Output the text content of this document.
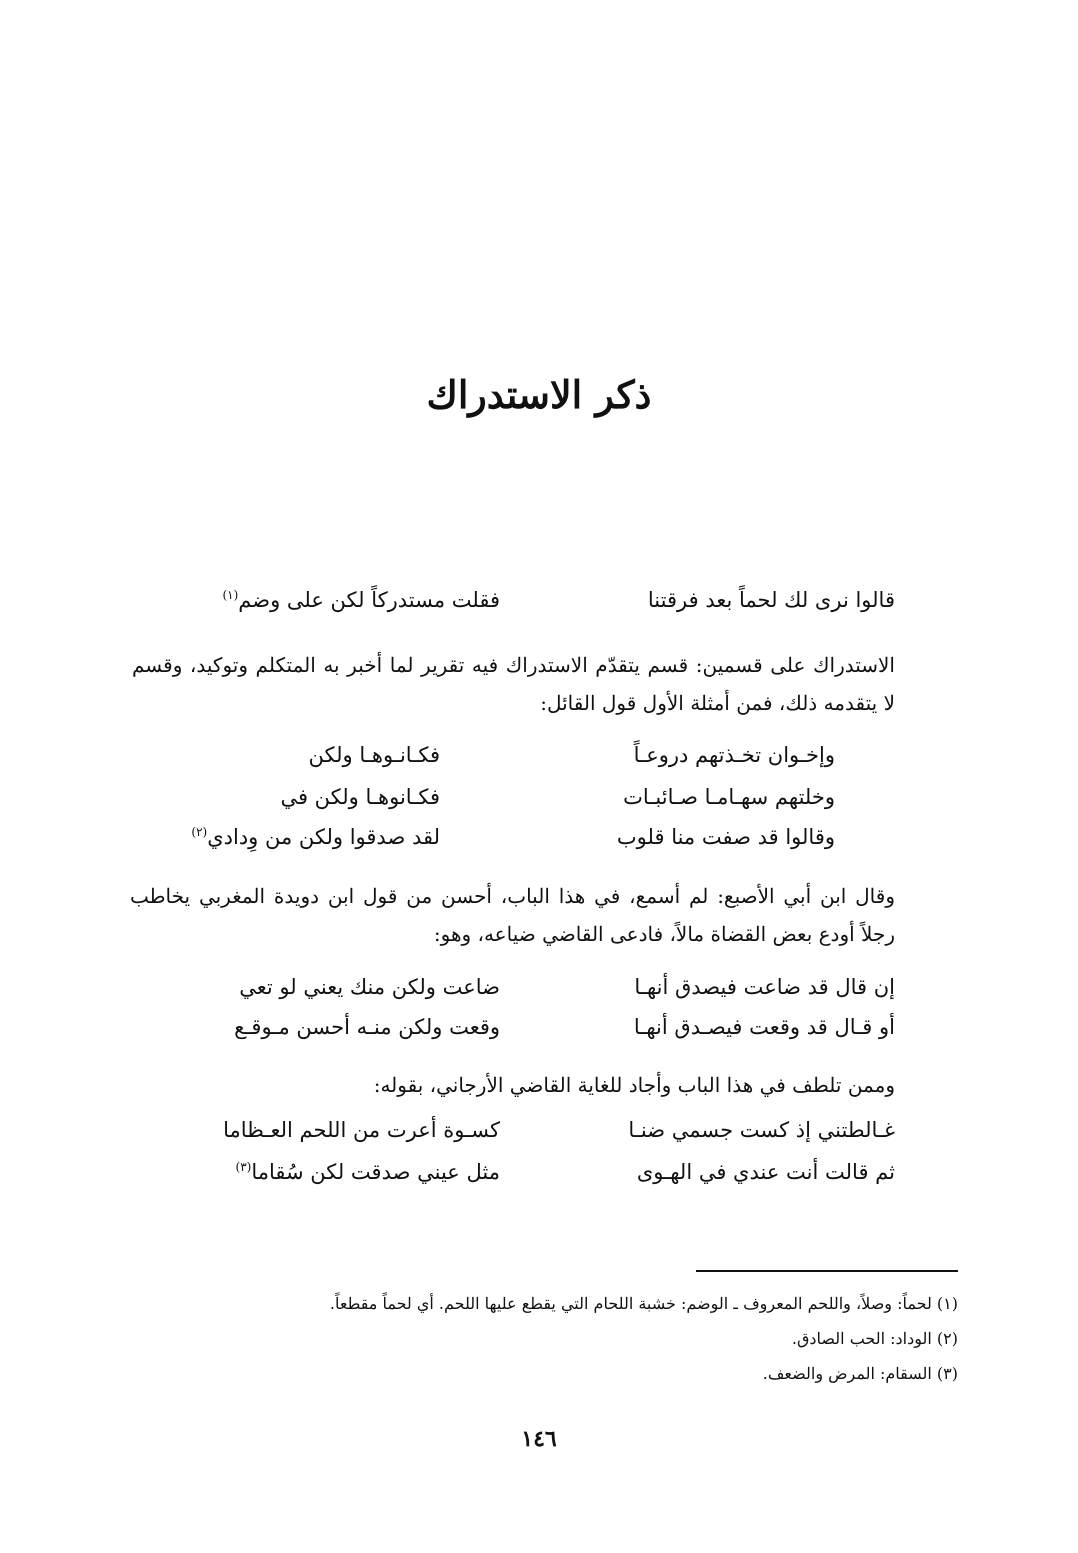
ذكر الاستدراك
قالوا نرى لك لحماً بعد فرقتنا
فقلت مستدركاً لكن على وضم$^{(١)}$
الاستدراك على قسمين: قسم يتقدّم الاستدراك فيه تقرير لما أخبر به المتكلم وتوكيد، وقسم لا يتقدمه ذلك، فمن أمثلة الأول قول القائل:
وإخـوان تخـذتهم دروعـاً
فكـانـوهـا ولكن
وخلتهم سهـامـا صـائبـات
فكـانوهـا ولكن في
وقالوا قد صفت منا قلوب
لقد صدقوا ولكن من وِدادي$^{(٢)}$
وقال ابن أبي الأصبع: لم أسمع، في هذا الباب، أحسن من قول ابن دويدة المغربي يخاطب رجلاً أودع بعض القضاة مالاً، فادعى القاضي ضياعه، وهو:
إن قال قد ضاعت فيصدق أنهـا
ضاعت ولكن منك يعني لو تعي
أو قـال قد وقعت فيصـدق أنهـا
وقعت ولكن منـه أحسن مـوقـع
وممن تلطف في هذا الباب وأجاد للغاية القاضي الأرجاني، بقوله:
غـالطتني إذ كست جسمي ضنـا
كسـوة أعرت من اللحم العـظاما
ثم قالت أنت عندي في الهـوى
مثل عيني صدقت لكن سُقاما$^{(٣)}$
(١) لحماً: وصلاً، واللحم المعروف ـ الوضم: خشبة اللحام التي يقطع عليها اللحم. أي لحماً مقطعاً.
(٢) الوداد: الحب الصادق.
(٣) السقام: المرض والضعف.
١٤٦
